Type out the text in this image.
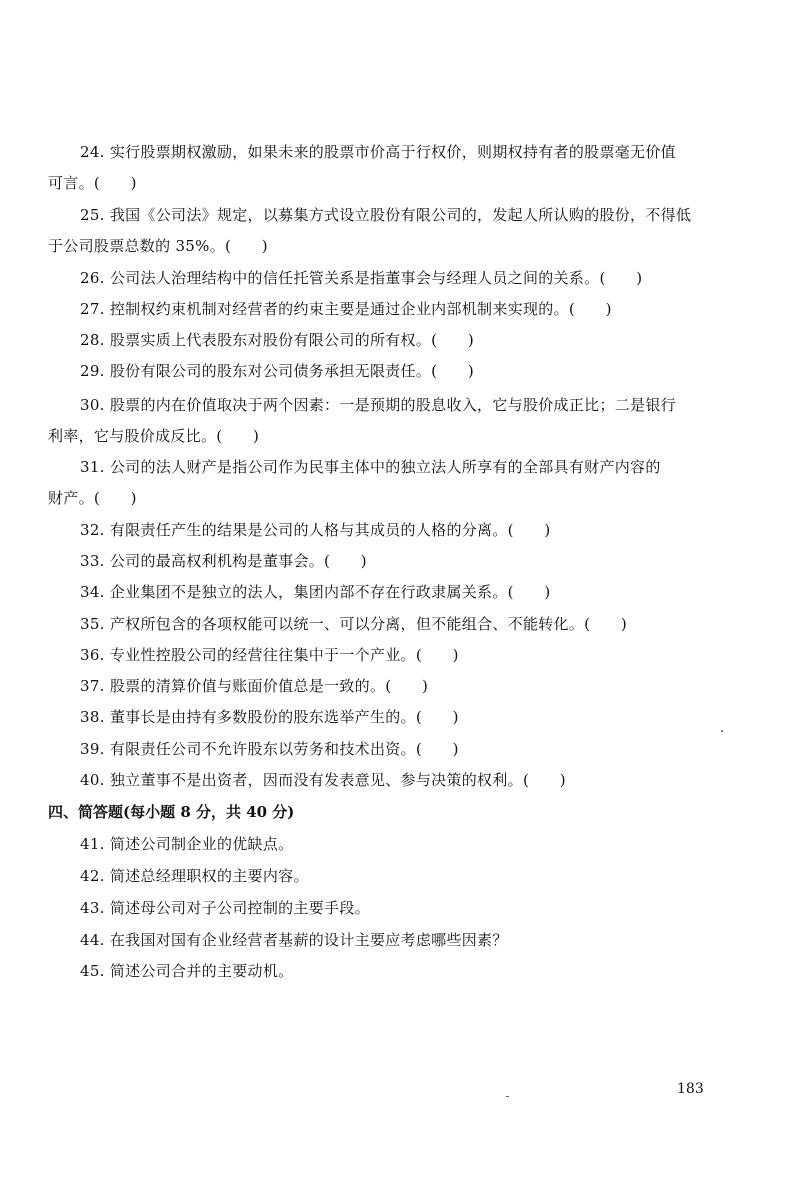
24. 实行股票期权激励，如果未来的股票市价高于行权价，则期权持有者的股票毫无价值
可言。(　　)
25. 我国《公司法》规定，以募集方式设立股份有限公司的，发起人所认购的股份，不得低
于公司股票总数的 35%。(　　)
26. 公司法人治理结构中的信任托管关系是指董事会与经理人员之间的关系。(　　)
27. 控制权约束机制对经营者的约束主要是通过企业内部机制来实现的。(　　)
28. 股票实质上代表股东对股份有限公司的所有权。(　　)
29. 股份有限公司的股东对公司债务承担无限责任。(　　)
30. 股票的内在价值取决于两个因素：一是预期的股息收入，它与股价成正比；二是银行
利率，它与股价成反比。(　　)
31. 公司的法人财产是指公司作为民事主体中的独立法人所享有的全部具有财产内容的
财产。(　　)
32. 有限责任产生的结果是公司的人格与其成员的人格的分离。(　　)
33. 公司的最高权利机构是董事会。(　　)
34. 企业集团不是独立的法人，集团内部不存在行政隶属关系。(　　)
35. 产权所包含的各项权能可以统一、可以分离，但不能组合、不能转化。(　　)
36. 专业性控股公司的经营往往集中于一个产业。(　　)
37. 股票的清算价值与账面价值总是一致的。(　　)
38. 董事长是由持有多数股份的股东选举产生的。(　　)
39. 有限责任公司不允许股东以劳务和技术出资。(　　)
40. 独立董事不是出资者，因而没有发表意见、参与决策的权利。(　　)
四、简答题(每小题 8 分，共 40 分)
41. 简述公司制企业的优缺点。
42. 简述总经理职权的主要内容。
43. 简述母公司对子公司控制的主要手段。
44. 在我国对国有企业经营者基薪的设计主要应考虑哪些因素？
45. 简述公司合并的主要动机。
183
